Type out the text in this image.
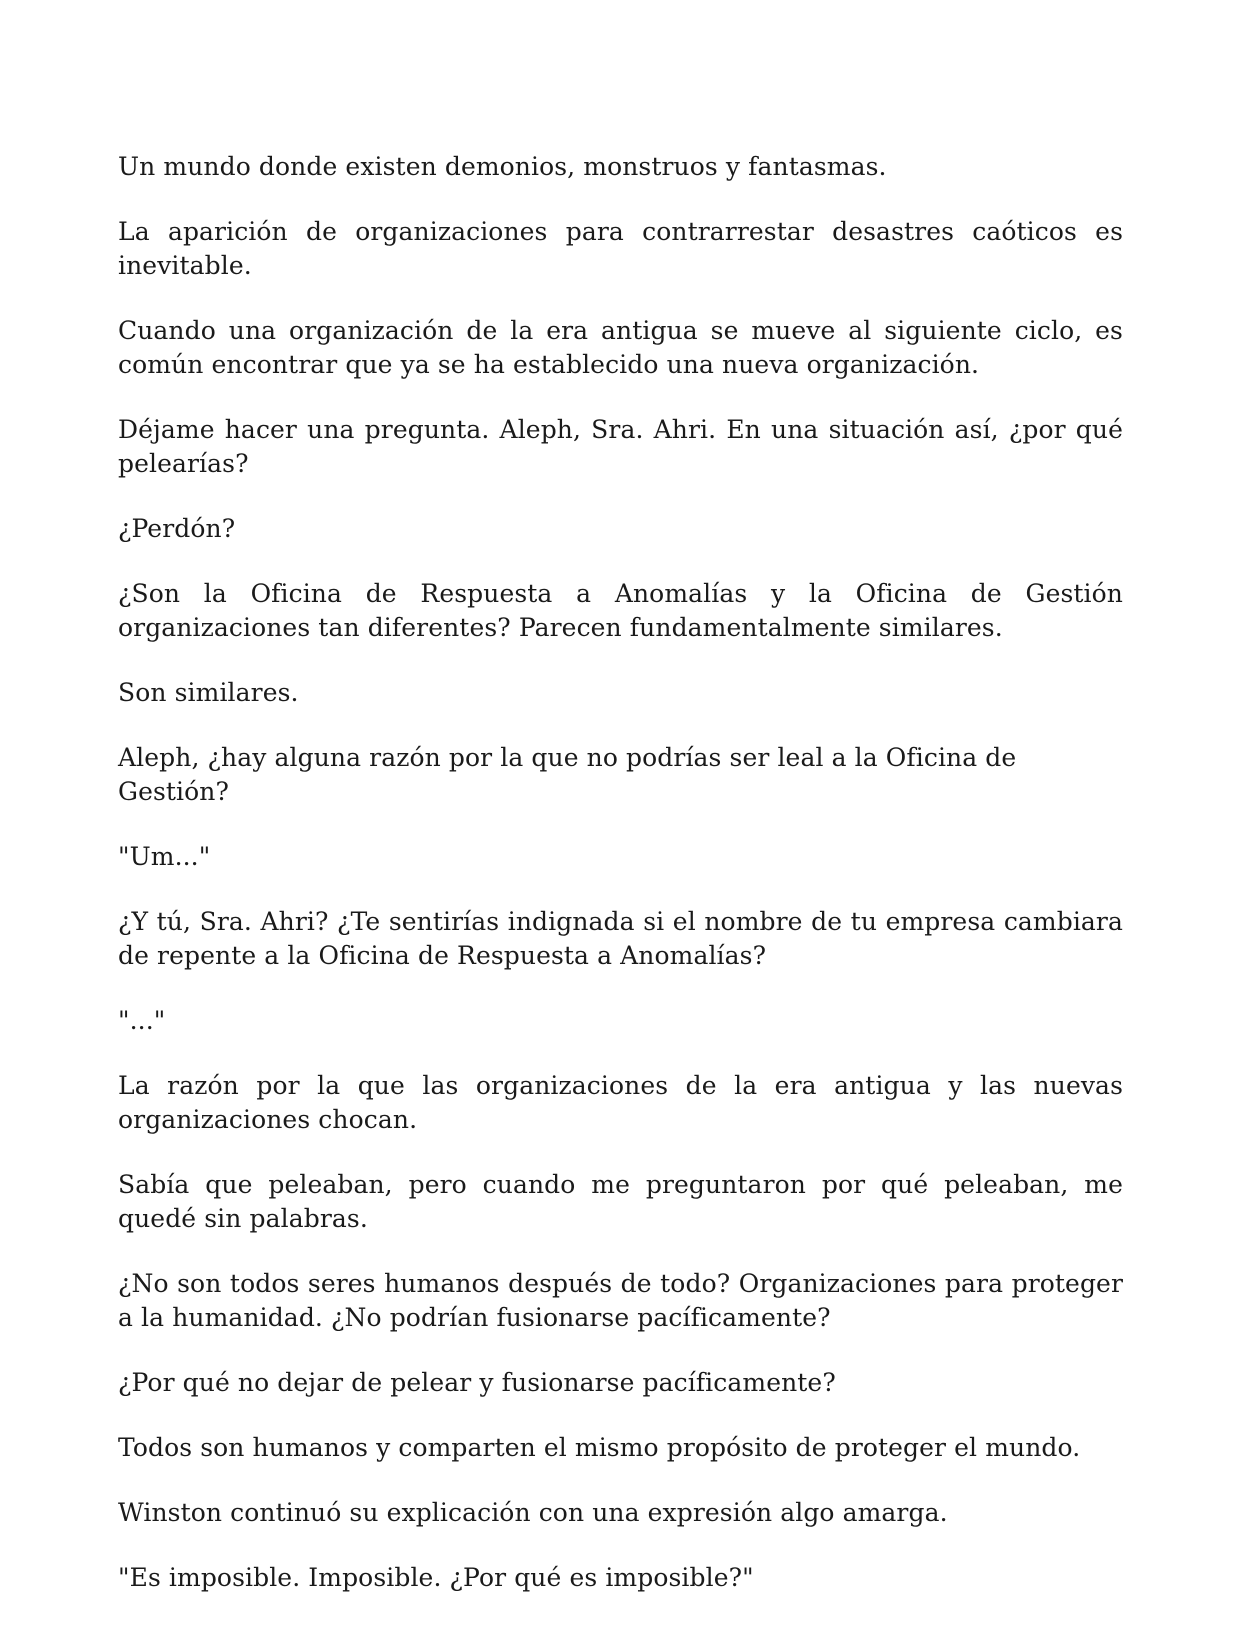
Un mundo donde existen demonios, monstruos y fantasmas.

La aparición de organizaciones para contrarrestar desastres caóticos es inevitable.

Cuando una organización de la era antigua se mueve al siguiente ciclo, es común encontrar que ya se ha establecido una nueva organización.

Déjame hacer una pregunta. Aleph, Sra. Ahri. En una situación así, ¿por qué pelearías?

¿Perdón?

¿Son la Oficina de Respuesta a Anomalías y la Oficina de Gestión organizaciones tan diferentes? Parecen fundamentalmente similares.

Son similares.

Aleph, ¿hay alguna razón por la que no podrías ser leal a la Oficina de Gestión?

"Um..."

¿Y tú, Sra. Ahri? ¿Te sentirías indignada si el nombre de tu empresa cambiara de repente a la Oficina de Respuesta a Anomalías?

"..."

La razón por la que las organizaciones de la era antigua y las nuevas organizaciones chocan.

Sabía que peleaban, pero cuando me preguntaron por qué peleaban, me quedé sin palabras.

¿No son todos seres humanos después de todo? Organizaciones para proteger a la humanidad. ¿No podrían fusionarse pacíficamente?

¿Por qué no dejar de pelear y fusionarse pacíficamente?

Todos son humanos y comparten el mismo propósito de proteger el mundo.

Winston continuó su explicación con una expresión algo amarga.

"Es imposible. Imposible. ¿Por qué es imposible?"
